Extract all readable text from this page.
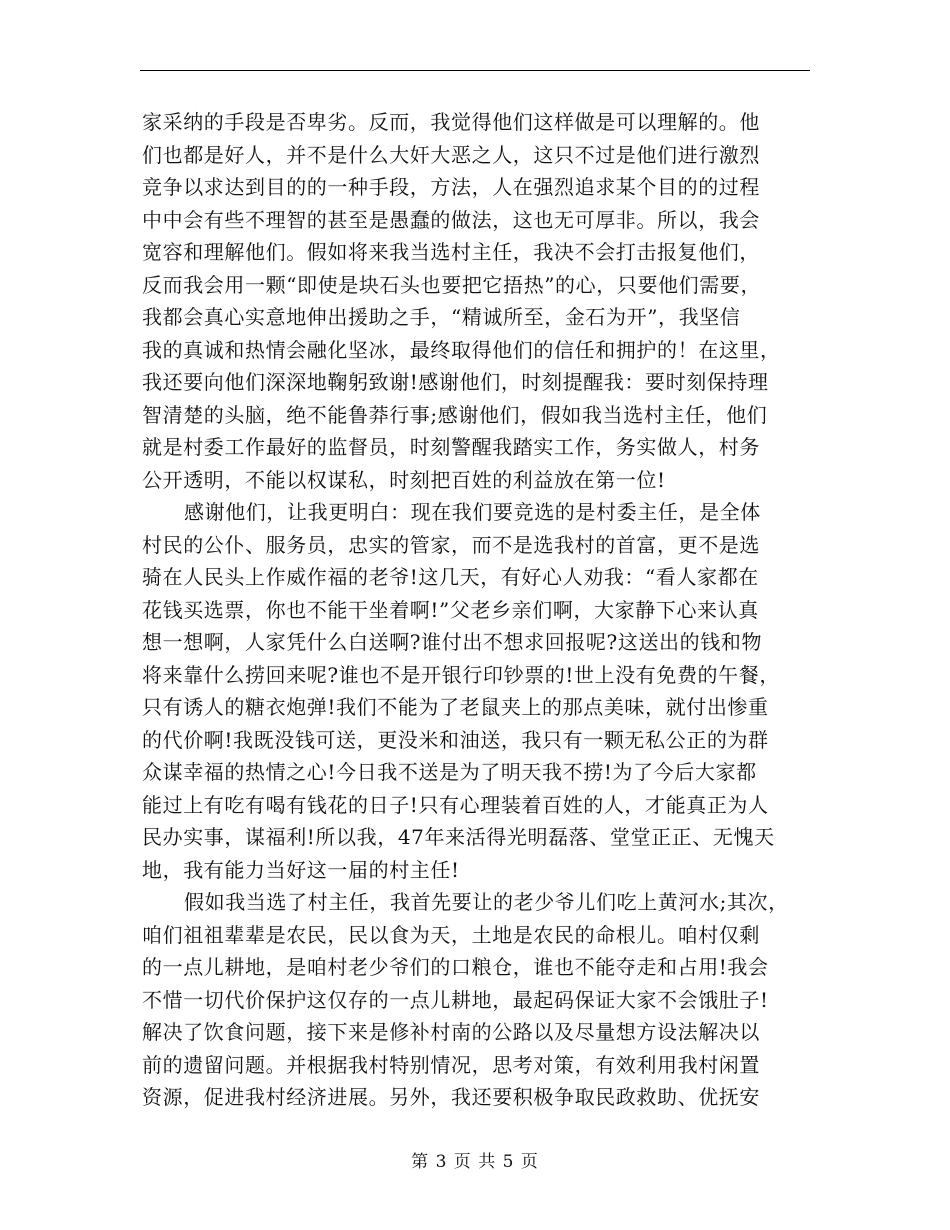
家采纳的手段是否卑劣。反而，我觉得他们这样做是可以理解的。他
们也都是好人，并不是什么大奸大恶之人，这只不过是他们进行激烈
竞争以求达到目的的一种手段，方法，人在强烈追求某个目的的过程
中中会有些不理智的甚至是愚蠢的做法，这也无可厚非。所以，我会
宽容和理解他们。假如将来我当选村主任，我决不会打击报复他们，
反而我会用一颗“即使是块石头也要把它捂热”的心，只要他们需要，
我都会真心实意地伸出援助之手，“精诚所至，金石为开”，我坚信
我的真诚和热情会融化坚冰，最终取得他们的信任和拥护的！在这里，
我还要向他们深深地鞠躬致谢!感谢他们，时刻提醒我：要时刻保持理
智清楚的头脑，绝不能鲁莽行事;感谢他们，假如我当选村主任，他们
就是村委工作最好的监督员，时刻警醒我踏实工作，务实做人，村务
公开透明，不能以权谋私，时刻把百姓的利益放在第一位!
感谢他们，让我更明白：现在我们要竞选的是村委主任，是全体
村民的公仆、服务员，忠实的管家，而不是选我村的首富，更不是选
骑在人民头上作威作福的老爷!这几天，有好心人劝我：“看人家都在
花钱买选票，你也不能干坐着啊!”父老乡亲们啊，大家静下心来认真
想一想啊，人家凭什么白送啊?谁付出不想求回报呢?这送出的钱和物
将来靠什么捞回来呢?谁也不是开银行印钞票的!世上没有免费的午餐，
只有诱人的糖衣炮弹!我们不能为了老鼠夹上的那点美味，就付出惨重
的代价啊!我既没钱可送，更没米和油送，我只有一颗无私公正的为群
众谋幸福的热情之心!今日我不送是为了明天我不捞!为了今后大家都
能过上有吃有喝有钱花的日子!只有心理装着百姓的人，才能真正为人
民办实事，谋福利!所以我，47年来活得光明磊落、堂堂正正、无愧天
地，我有能力当好这一届的村主任!
假如我当选了村主任，我首先要让的老少爷儿们吃上黄河水;其次，
咱们祖祖辈辈是农民，民以食为天，土地是农民的命根儿。咱村仅剩
的一点儿耕地，是咱村老少爷们的口粮仓，谁也不能夺走和占用!我会
不惜一切代价保护这仅存的一点儿耕地，最起码保证大家不会饿肚子!
解决了饮食问题，接下来是修补村南的公路以及尽量想方设法解决以
前的遗留问题。并根据我村特别情况，思考对策，有效利用我村闲置
资源，促进我村经济进展。另外，我还要积极争取民政救助、优抚安
第 3 页 共 5 页
